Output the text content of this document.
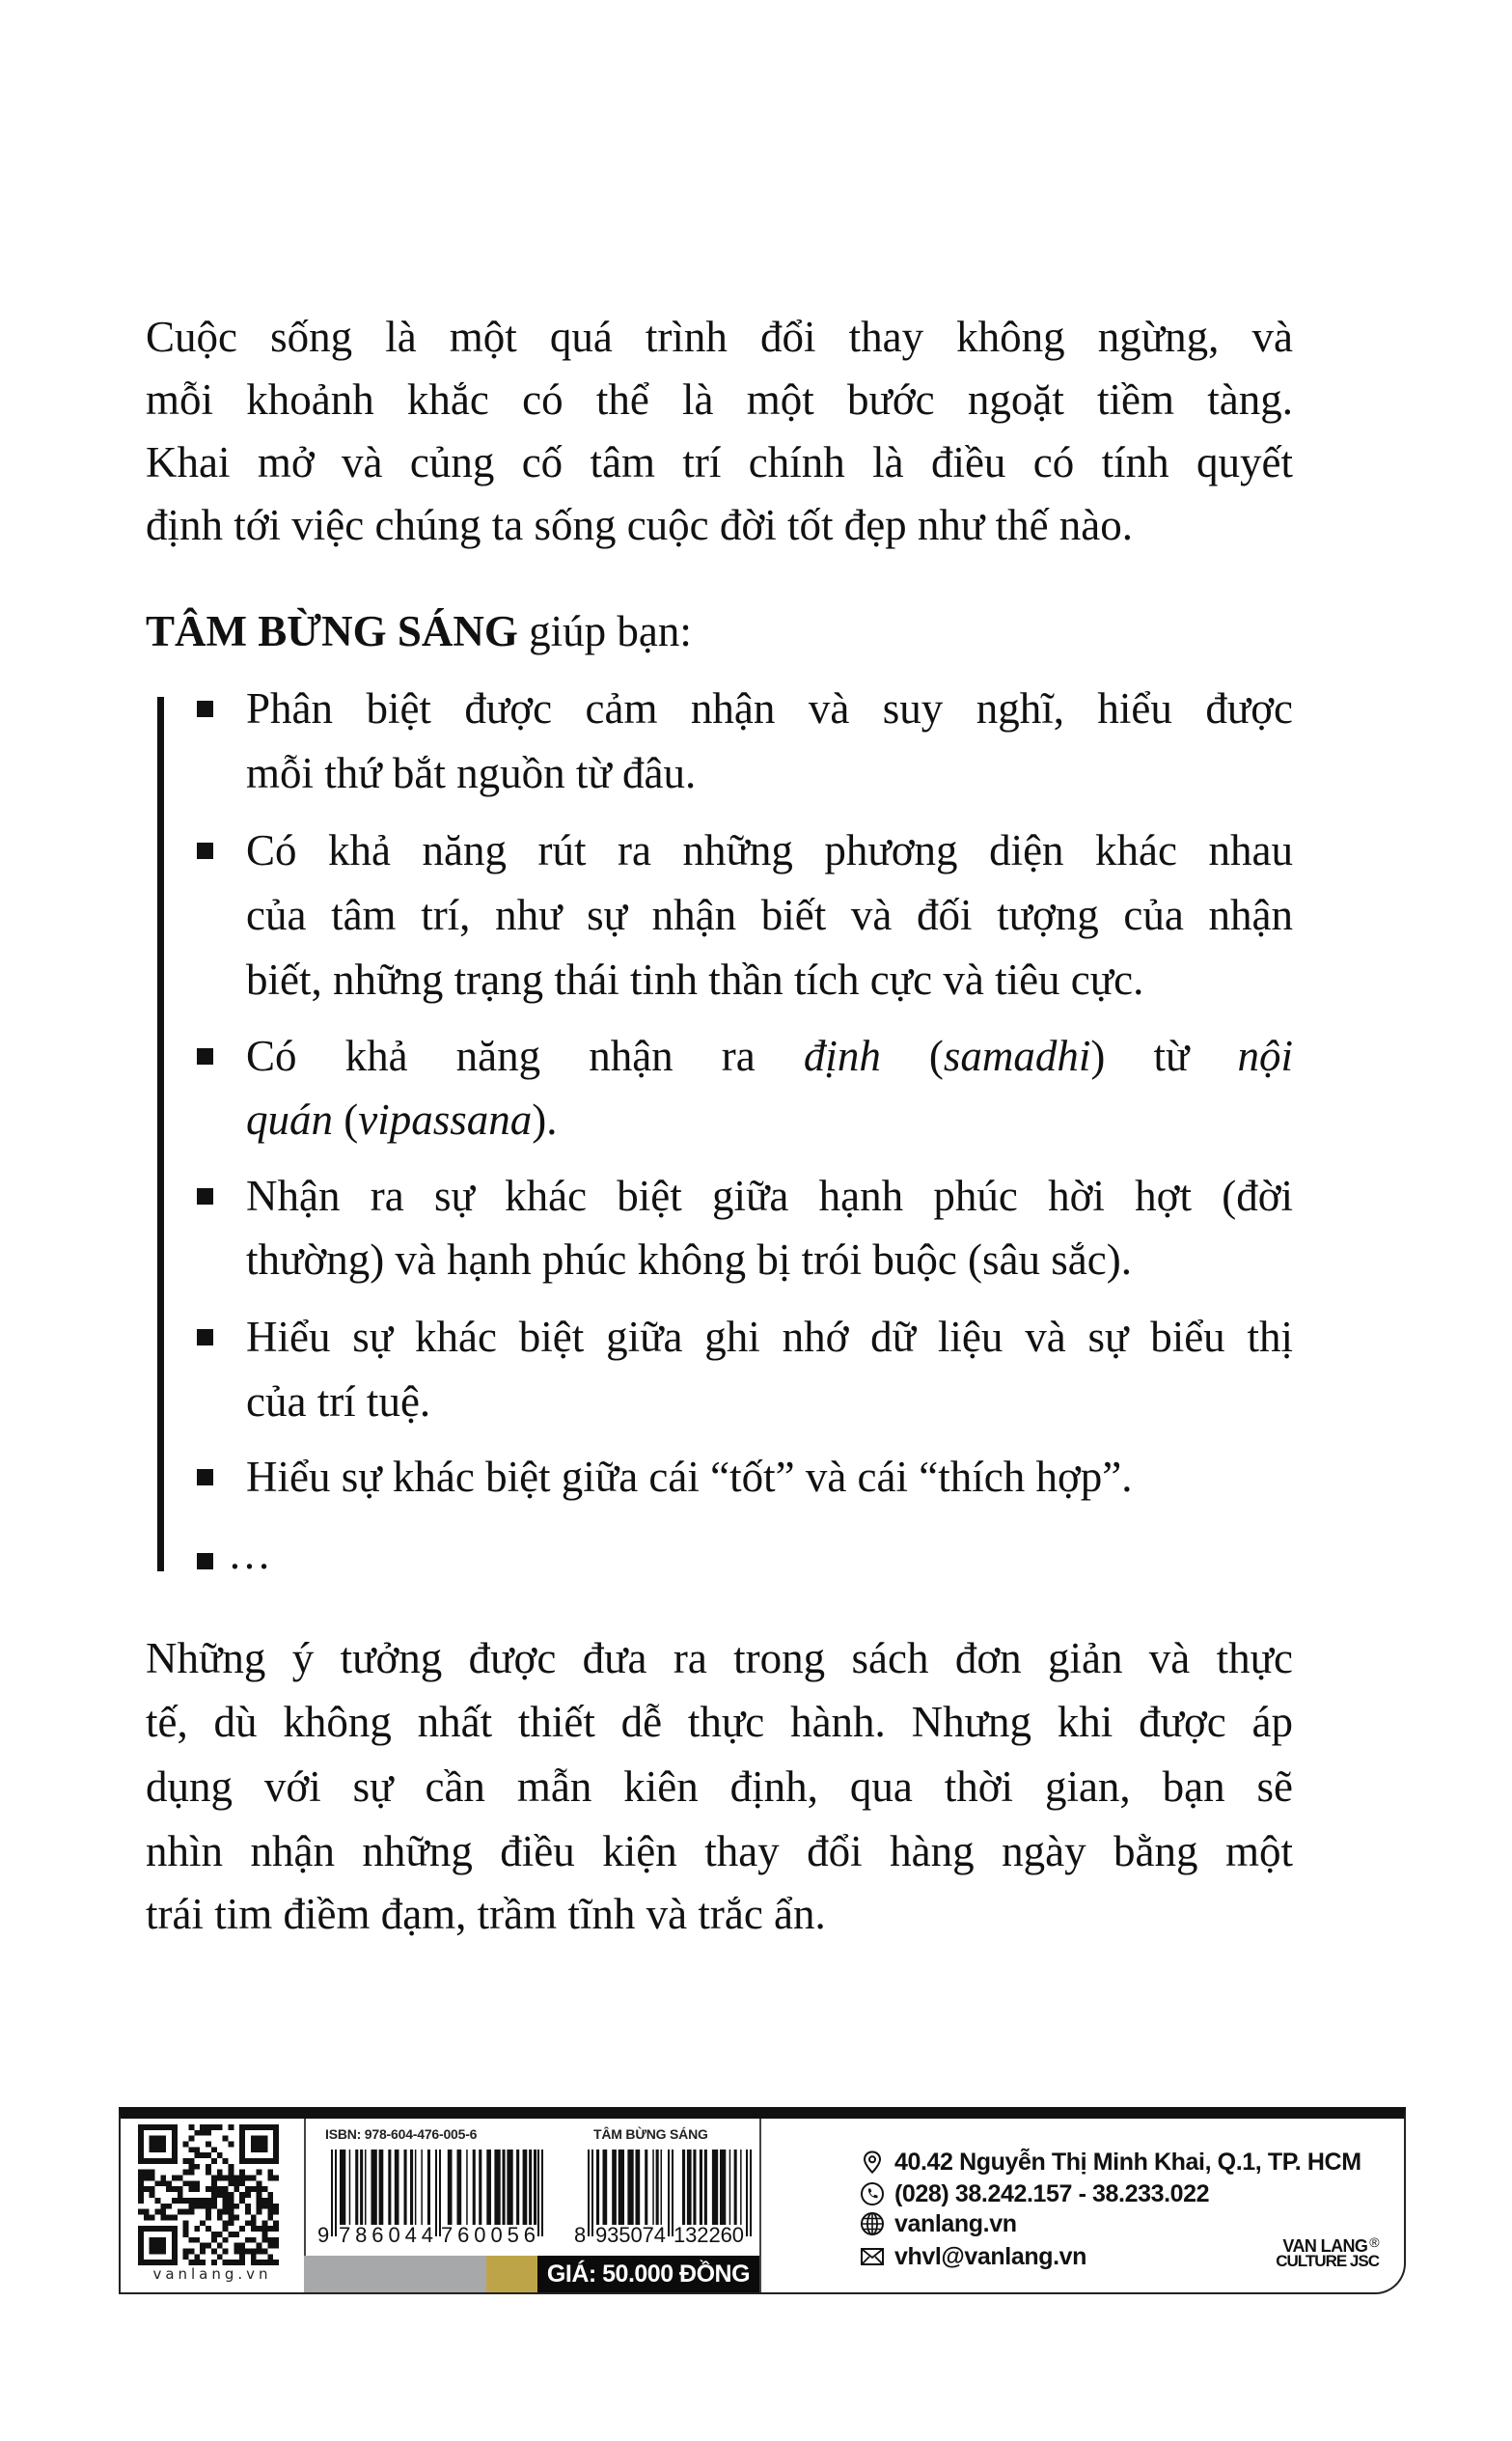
Cuộc sống là một quá trình đổi thay không ngừng, và
mỗi khoảnh khắc có thể là một bước ngoặt tiềm tàng.
Khai mở và củng cố tâm trí chính là điều có tính quyết
định tới việc chúng ta sống cuộc đời tốt đẹp như thế nào.
TÂM BỪNG SÁNG giúp bạn:
Phân biệt được cảm nhận và suy nghĩ, hiểu được
mỗi thứ bắt nguồn từ đâu.
Có khả năng rút ra những phương diện khác nhau
của tâm trí, như sự nhận biết và đối tượng của nhận
biết, những trạng thái tinh thần tích cực và tiêu cực.
Có khả năng nhận ra định (samadhi) từ nội
quán (vipassana).
Nhận ra sự khác biệt giữa hạnh phúc hời hợt (đời
thường) và hạnh phúc không bị trói buộc (sâu sắc).
Hiểu sự khác biệt giữa ghi nhớ dữ liệu và sự biểu thị
của trí tuệ.
Hiểu sự khác biệt giữa cái “tốt” và cái “thích hợp”.
…
Những ý tưởng được đưa ra trong sách đơn giản và thực
tế, dù không nhất thiết dễ thực hành. Nhưng khi được áp
dụng với sự cần mẫn kiên định, qua thời gian, bạn sẽ
nhìn nhận những điều kiện thay đổi hàng ngày bằng một
trái tim điềm đạm, trầm tĩnh và trắc ẩn.
vanlang.vn
ISBN: 978-604-476-005-6	TÂM BỪNG SÁNG
9 786044 760056 8 935074 132260
GIÁ: 50.000 ĐỒNG
40.42 Nguyễn Thị Minh Khai, Q.1, TP. HCM
(028) 38.242.157 - 38.233.022
vanlang.vn
vhvl@vanlang.vn	VAN LANG ®
CULTURE JSC
